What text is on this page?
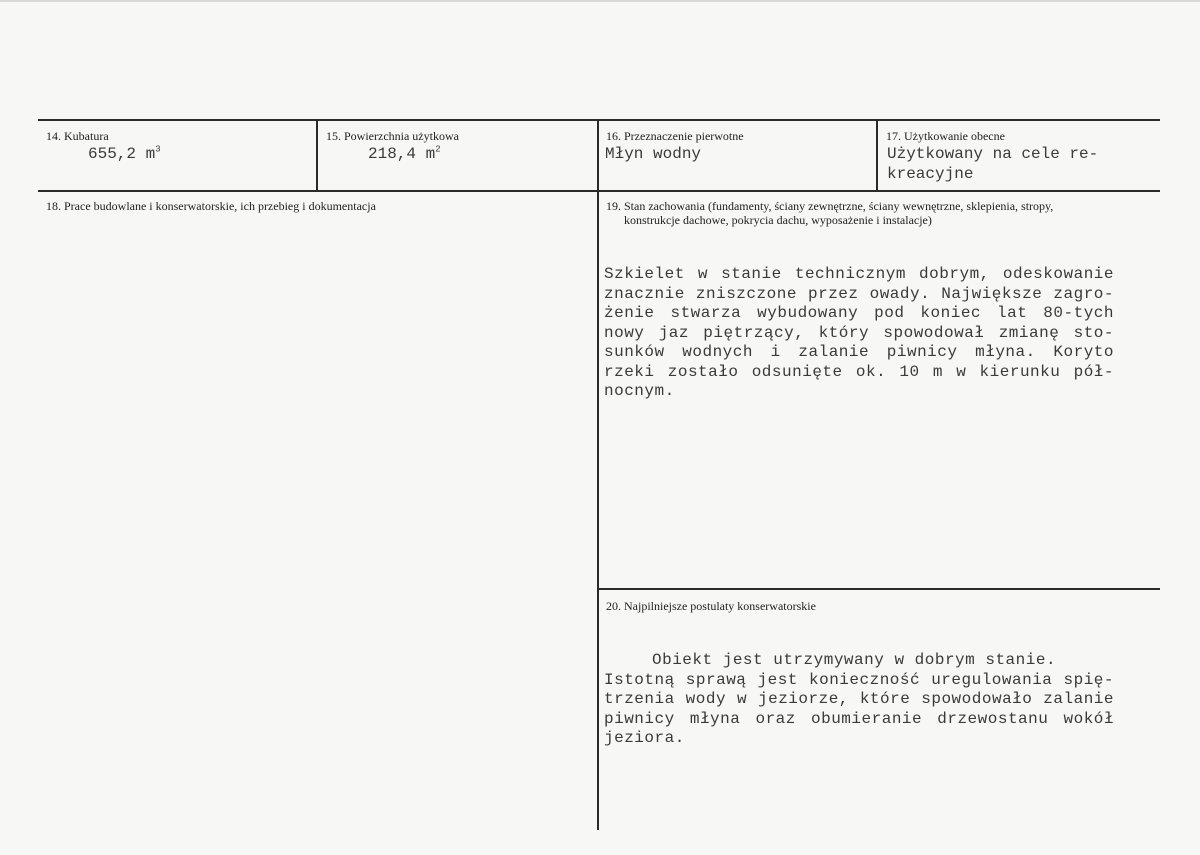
14. Kubatura
655,2 $m^3$
15. Powierzchnia użytkowa
218,4 $m^2$
16. Przeznaczenie pierwotne
Młyn wodny
17. Użytkowanie obecne
Użytkowany na cele re-
kreacyjne
18. Prace budowlane i konserwatorskie, ich przebieg i dokumentacja	19. Stan zachowania (fundamenty, ściany zewnętrzne, ściany wewnętrzne, sklepienia, stropy,
konstrukcje dachowe, pokrycia dachu, wyposażenie i instalacje)
Szkielet w stanie technicznym dobrym, odeskowanie
znacznie zniszczone przez owady. Największe zagro-
żenie stwarza wybudowany pod koniec lat 80-tych
nowy jaz piętrzący, który spowodował zmianę sto-
sunków wodnych i zalanie piwnicy młyna. Koryto
rzeki zostało odsunięte ok. 10 m w kierunku pół-
nocnym.
20. Najpilniejsze postulaty konserwatorskie
Obiekt jest utrzymywany w dobrym stanie.
Istotną sprawą jest konieczność uregulowania spię-
trzenia wody w jeziorze, które spowodowało zalanie
piwnicy młyna oraz obumieranie drzewostanu wokół
jeziora.
